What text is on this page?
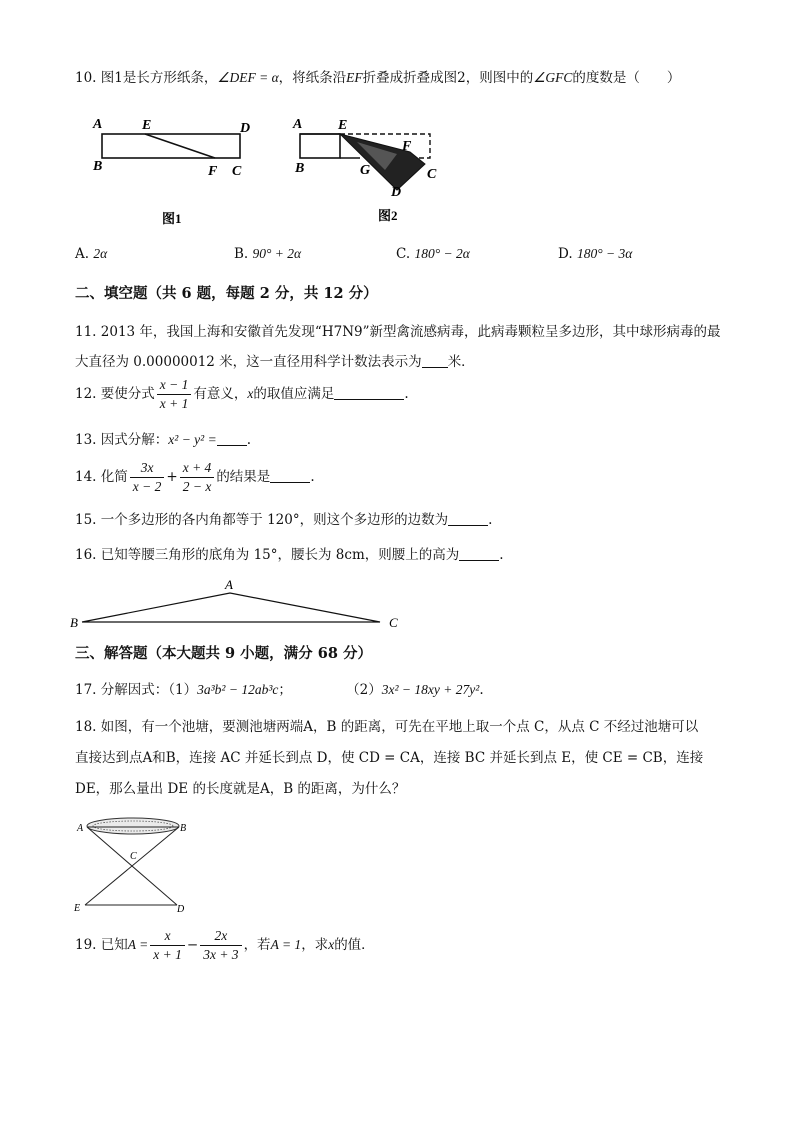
10. 图1是长方形纸条，∠DEF = α，将纸条沿EF折叠成折叠成图2，则图中的∠GFC的度数是（　　）
A	E	D
B	F C
图1
A	E
B
F
G	C
D
图2
A. 2α	B. 90° + 2α	C. 180° − 2α	D. 180° − 3α
二、填空题（共 6 题，每题 2 分，共 12 分）
11. 2013 年，我国上海和安徽首先发现“H7N9”新型禽流感病毒，此病毒颗粒呈多边形，其中球形病毒的最
大直径为 0.00000012 米，这一直径用科学计数法表示为 米．
12. 要使分式 $\frac{x - 1}{x + 1}$ 有意义，x的取值应满足	.
13. 因式分解：x² − y² = .
14. 化简 $\frac{3x}{x - 2} + \frac{x + 4}{2 - x}$ 的结果是	.
15. 一个多边形的各内角都等于 120°，则这个多边形的边数为	.
16. 已知等腰三角形的底角为 15°，腰长为 8cm，则腰上的高为	.
A
B	C
三、解答题（本大题共 9 小题，满分 68 分）
17. 分解因式：（1）3a³b² − 12ab³c；	（2）3x² − 18xy + 27y².
18. 如图，有一个池塘，要测池塘两端A，B 的距离，可先在平地上取一个点 C，从点 C 不经过池塘可以
直接达到点A和B，连接 AC 并延长到点 D，使 CD = CA，连接 BC 并延长到点 E，使 CE = CB，连接
DE，那么量出 DE 的长度就是A，B 的距离，为什么？
A	B
C
E	D
19. 已知$A = \frac{x}{x + 1} - \frac{2x}{3x + 3}$ ，若A = 1，求x的值．
